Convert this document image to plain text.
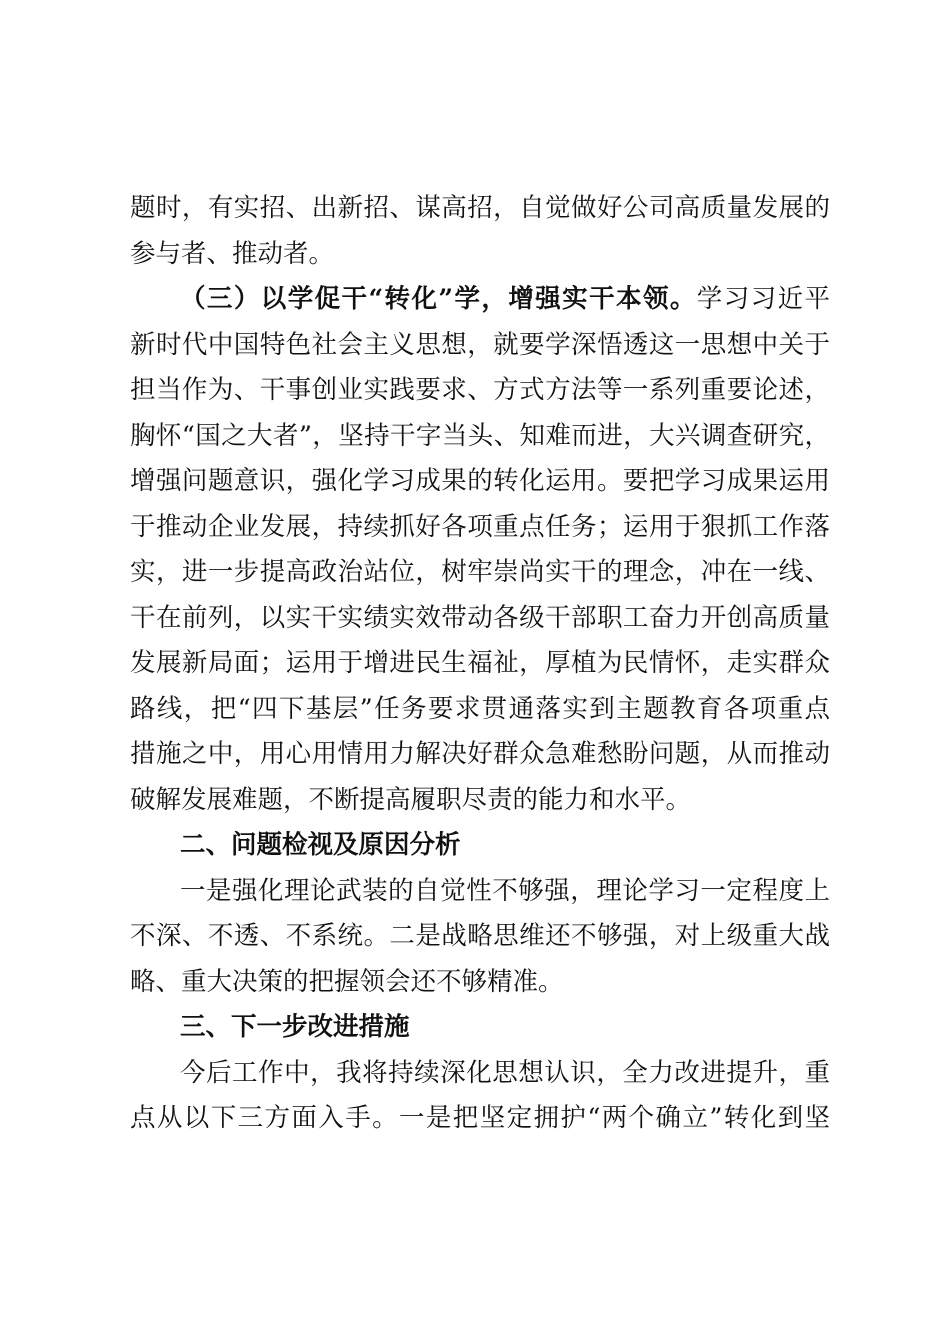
题时，有实招、出新招、谋高招，自觉做好公司高质量发展的
参与者、推动者。
（三）以学促干“转化”学，增强实干本领。学习习近平
新时代中国特色社会主义思想，就要学深悟透这一思想中关于
担当作为、干事创业实践要求、方式方法等一系列重要论述，
胸怀“国之大者”，坚持干字当头、知难而进，大兴调查研究，
增强问题意识，强化学习成果的转化运用。要把学习成果运用
于推动企业发展，持续抓好各项重点任务；运用于狠抓工作落
实，进一步提高政治站位，树牢崇尚实干的理念，冲在一线、
干在前列，以实干实绩实效带动各级干部职工奋力开创高质量
发展新局面；运用于增进民生福祉，厚植为民情怀，走实群众
路线，把“四下基层”任务要求贯通落实到主题教育各项重点
措施之中，用心用情用力解决好群众急难愁盼问题，从而推动
破解发展难题，不断提高履职尽责的能力和水平。
二、问题检视及原因分析
一是强化理论武装的自觉性不够强，理论学习一定程度上
不深、不透、不系统。二是战略思维还不够强，对上级重大战
略、重大决策的把握领会还不够精准。
三、下一步改进措施
今后工作中，我将持续深化思想认识，全力改进提升，重
点从以下三方面入手。一是把坚定拥护“两个确立”转化到坚
